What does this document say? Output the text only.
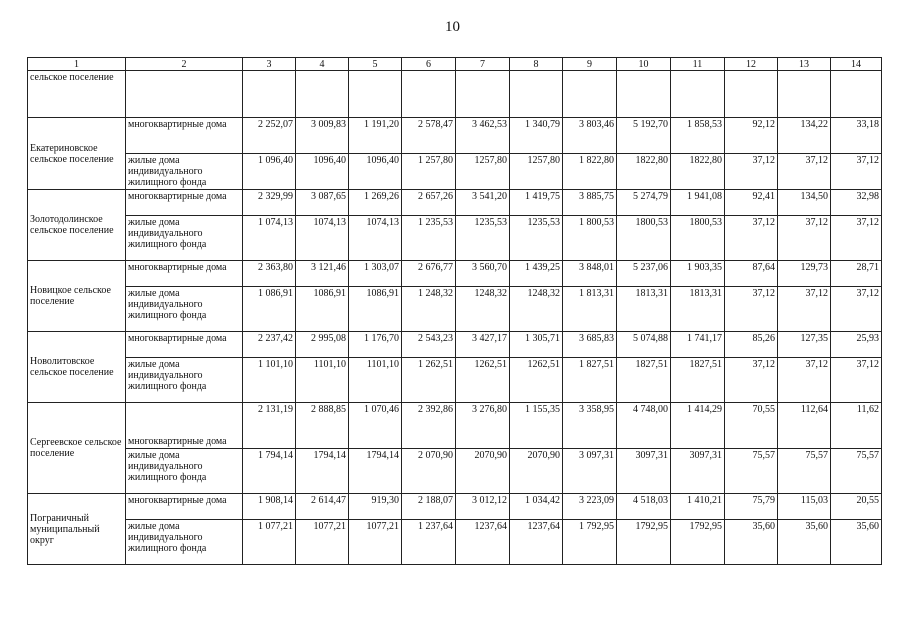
10
1	2	3	4	5	6	7	8	9	10	11	12	13	14
сельское поселение													
Екатериновское сельское поселение	многоквартирные дома	2 252,07	3 009,83	1 191,20	2 578,47	3 462,53	1 340,79	3 803,46	5 192,70	1 858,53	92,12	134,22	33,18
	жилые дома индивидуального жилищного фонда	1 096,40	1096,40	1096,40	1 257,80	1257,80	1257,80	1 822,80	1822,80	1822,80	37,12	37,12	37,12
Золотодолинское сельское поселение	многоквартирные дома	2 329,99	3 087,65	1 269,26	2 657,26	3 541,20	1 419,75	3 885,75	5 274,79	1 941,08	92,41	134,50	32,98
	жилые дома индивидуального жилищного фонда	1 074,13	1074,13	1074,13	1 235,53	1235,53	1235,53	1 800,53	1800,53	1800,53	37,12	37,12	37,12
Новицкое сельское поселение	многоквартирные дома	2 363,80	3 121,46	1 303,07	2 676,77	3 560,70	1 439,25	3 848,01	5 237,06	1 903,35	87,64	129,73	28,71
	жилые дома индивидуального жилищного фонда	1 086,91	1086,91	1086,91	1 248,32	1248,32	1248,32	1 813,31	1813,31	1813,31	37,12	37,12	37,12
Новолитовское сельское поселение	многоквартирные дома	2 237,42	2 995,08	1 176,70	2 543,23	3 427,17	1 305,71	3 685,83	5 074,88	1 741,17	85,26	127,35	25,93
	жилые дома индивидуального жилищного фонда	1 101,10	1101,10	1101,10	1 262,51	1262,51	1262,51	1 827,51	1827,51	1827,51	37,12	37,12	37,12
Сергеевское сельское поселение	многоквартирные дома	2 131,19	2 888,85	1 070,46	2 392,86	3 276,80	1 155,35	3 358,95	4 748,00	1 414,29	70,55	112,64	11,62
	жилые дома индивидуального жилищного фонда	1 794,14	1794,14	1794,14	2 070,90	2070,90	2070,90	3 097,31	3097,31	3097,31	75,57	75,57	75,57
Пограничный муниципальный округ	многоквартирные дома	1 908,14	2 614,47	919,30	2 188,07	3 012,12	1 034,42	3 223,09	4 518,03	1 410,21	75,79	115,03	20,55
	жилые дома индивидуального жилищного фонда	1 077,21	1077,21	1077,21	1 237,64	1237,64	1237,64	1 792,95	1792,95	1792,95	35,60	35,60	35,60
